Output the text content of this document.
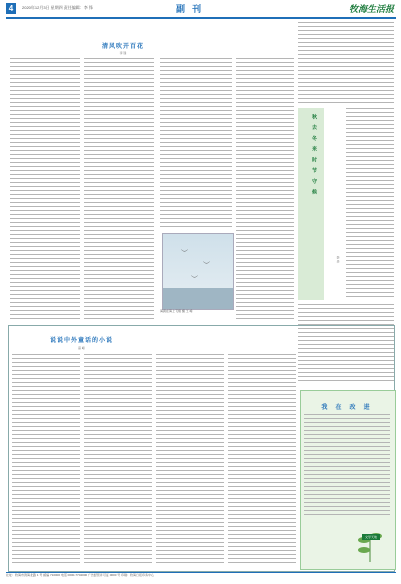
4	2020年12月3日 星期四 责任编辑：李 锋	副 刊	牧海生活报
清风吹开百花
李 锋
︶
︶
︶
海鸥在海上飞翔 摄 王 峰
秋 去 冬 来 时 节 守 候
李 华
说说中外童话的小说
高 峰
我 在 改 进
文学天地
社址：牧海市滨海北路 1 号 邮编 710000 电话 0000-7704000 广告经营许可证 0000 号 印刷：牧海日报印务中心
